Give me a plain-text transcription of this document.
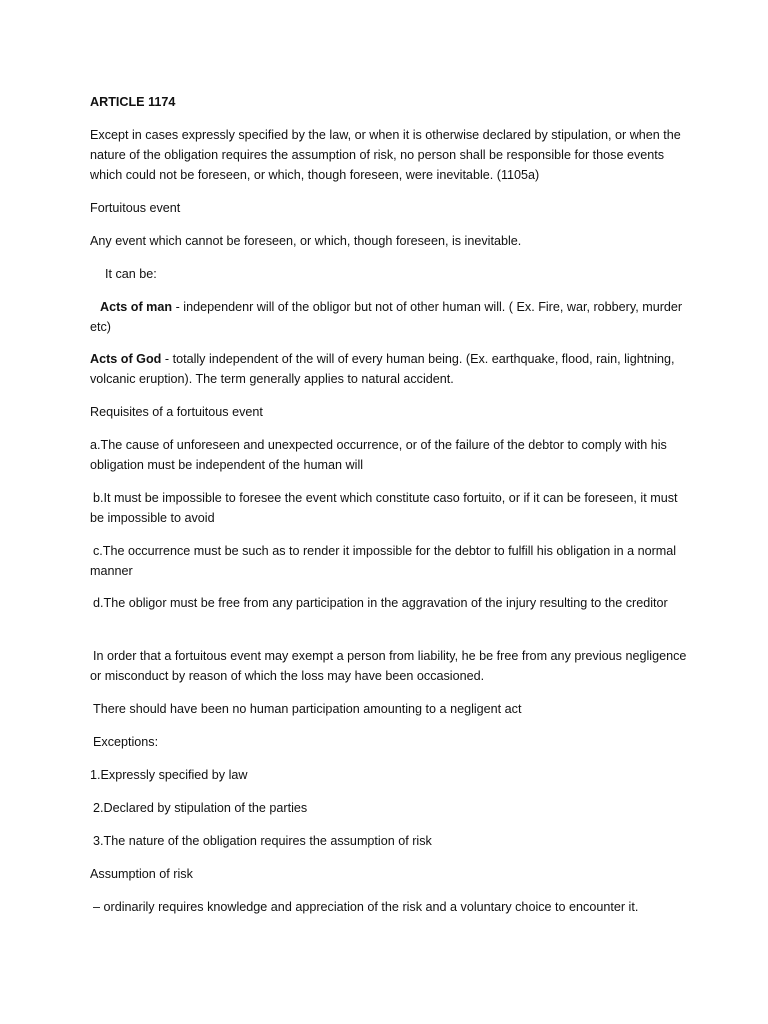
ARTICLE 1174

Except in cases expressly specified by the law, or when it is otherwise declared by stipulation, or when the nature of the obligation requires the assumption of risk, no person shall be responsible for those events which could not be foreseen, or which, though foreseen, were inevitable. (1105a)

Fortuitous event

Any event which cannot be foreseen, or which, though foreseen, is inevitable.

It can be:

Acts of man - independenr will of the obligor but not of other human will. ( Ex. Fire, war, robbery, murder etc)

Acts of God - totally independent of the will of every human being. (Ex. earthquake, flood, rain, lightning, volcanic eruption). The term generally applies to natural accident.

Requisites of a fortuitous event

a.The cause of unforeseen and unexpected occurrence, or of the failure of the debtor to comply with his obligation must be independent of the human will

b.It must be impossible to foresee the event which constitute caso fortuito, or if it can be foreseen, it must be impossible to avoid

c.The occurrence must be such as to render it impossible for the debtor to fulfill his obligation in a normal manner

d.The obligor must be free from any participation in the aggravation of the injury resulting to the creditor

In order that a fortuitous event may exempt a person from liability, he be free from any previous negligence or misconduct by reason of which the loss may have been occasioned.

There should have been no human participation amounting to a negligent act

Exceptions:

1.Expressly specified by law

2.Declared by stipulation of the parties

3.The nature of the obligation requires the assumption of risk

Assumption of risk

– ordinarily requires knowledge and appreciation of the risk and a voluntary choice to encounter it.
